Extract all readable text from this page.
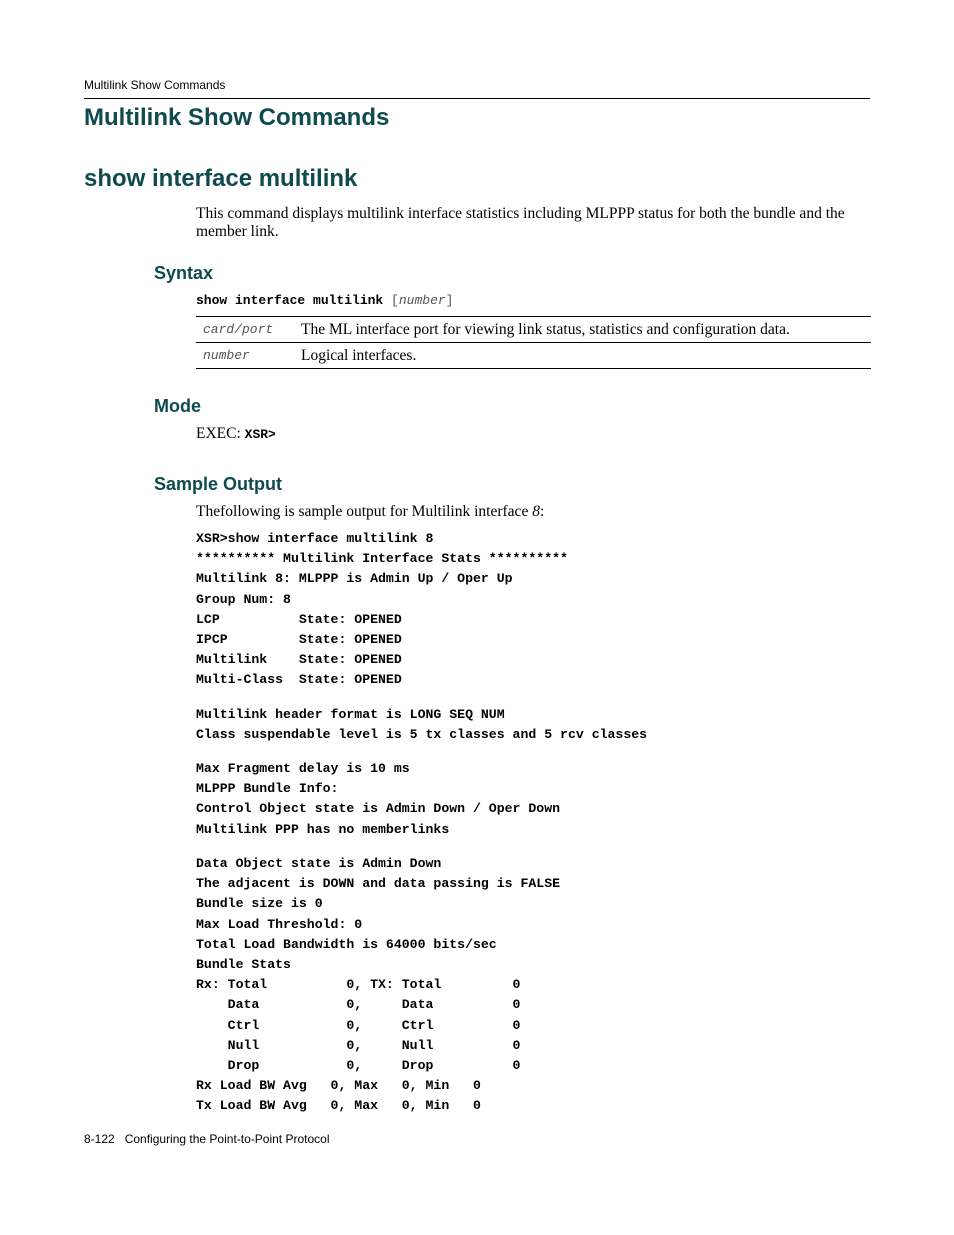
Multilink Show Commands
Multilink Show Commands
show interface multilink
This command displays multilink interface statistics including MLPPP status for both the bundle and the member link.
Syntax
show interface multilink [number]
card/port	The ML interface port for viewing link status, statistics and configuration data.
number	Logical interfaces.
Mode
EXEC: XSR>
Sample Output
Thefollowing is sample output for Multilink interface 8:
XSR>show interface multilink 8
********** Multilink Interface Stats **********
Multilink 8: MLPPP is Admin Up / Oper Up
Group Num: 8
LCP          State: OPENED
IPCP         State: OPENED
Multilink    State: OPENED
Multi-Class  State: OPENED
Multilink header format is LONG SEQ NUM
Class suspendable level is 5 tx classes and 5 rcv classes
Max Fragment delay is 10 ms
MLPPP Bundle Info:
Control Object state is Admin Down / Oper Down
Multilink PPP has no memberlinks
Data Object state is Admin Down
The adjacent is DOWN and data passing is FALSE
Bundle size is 0
Max Load Threshold: 0
Total Load Bandwidth is 64000 bits/sec
Bundle Stats
Rx: Total          0, TX: Total         0
Data           0,     Data          0
Ctrl           0,     Ctrl          0
Null           0,     Null          0
Drop           0,     Drop          0
Rx Load BW Avg   0, Max   0, Min   0
Tx Load BW Avg   0, Max   0, Min   0
8-122 Configuring the Point-to-Point Protocol
